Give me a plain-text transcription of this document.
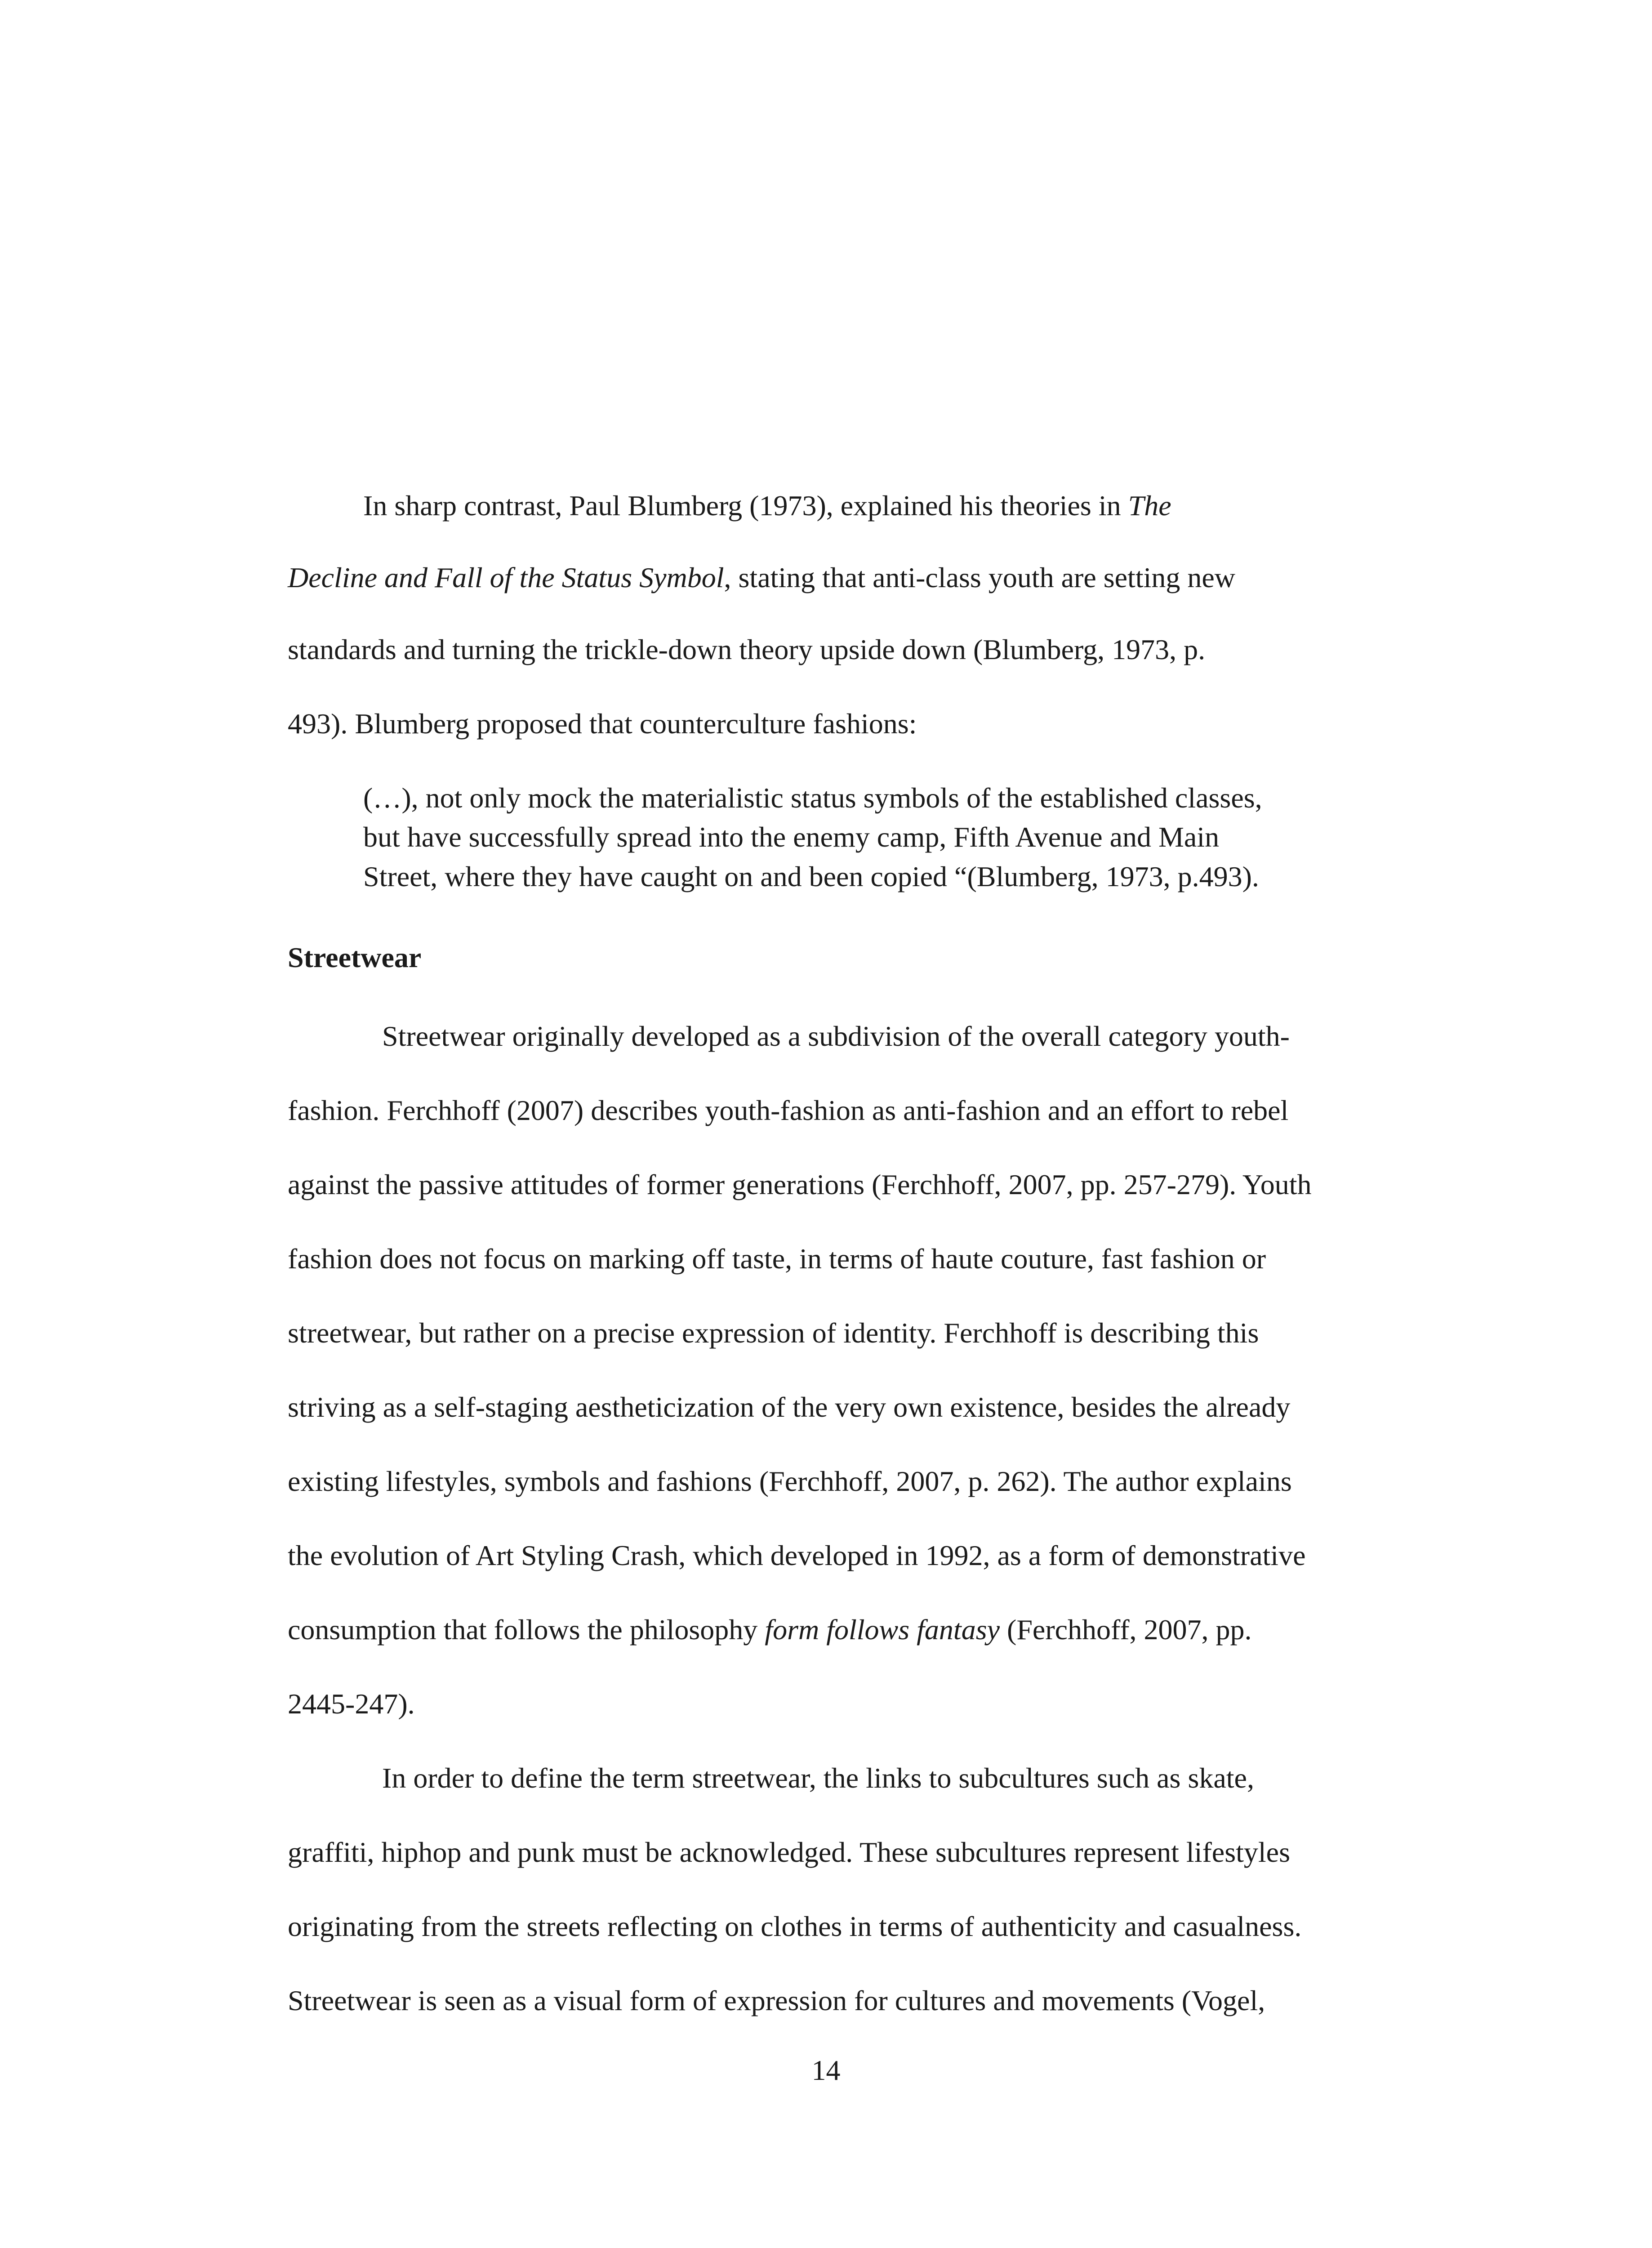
In sharp contrast, Paul Blumberg (1973), explained his theories in The
Decline and Fall of the Status Symbol, stating that anti-class youth are setting new
standards and turning the trickle-down theory upside down (Blumberg, 1973, p.
493). Blumberg proposed that counterculture fashions:
(…), not only mock the materialistic status symbols of the established classes,
but have successfully spread into the enemy camp, Fifth Avenue and Main
Street, where they have caught on and been copied “(Blumberg, 1973, p.493).
Streetwear
Streetwear originally developed as a subdivision of the overall category youth-
fashion. Ferchhoff (2007) describes youth-fashion as anti-fashion and an effort to rebel
against the passive attitudes of former generations (Ferchhoff, 2007, pp. 257-279). Youth
fashion does not focus on marking off taste, in terms of haute couture, fast fashion or
streetwear, but rather on a precise expression of identity. Ferchhoff is describing this
striving as a self-staging aestheticization of the very own existence, besides the already
existing lifestyles, symbols and fashions (Ferchhoff, 2007, p. 262). The author explains
the evolution of Art Styling Crash, which developed in 1992, as a form of demonstrative
consumption that follows the philosophy form follows fantasy (Ferchhoff, 2007, pp.
2445-247).
In order to define the term streetwear, the links to subcultures such as skate,
graffiti, hiphop and punk must be acknowledged. These subcultures represent lifestyles
originating from the streets reflecting on clothes in terms of authenticity and casualness.
Streetwear is seen as a visual form of expression for cultures and movements (Vogel,
14
